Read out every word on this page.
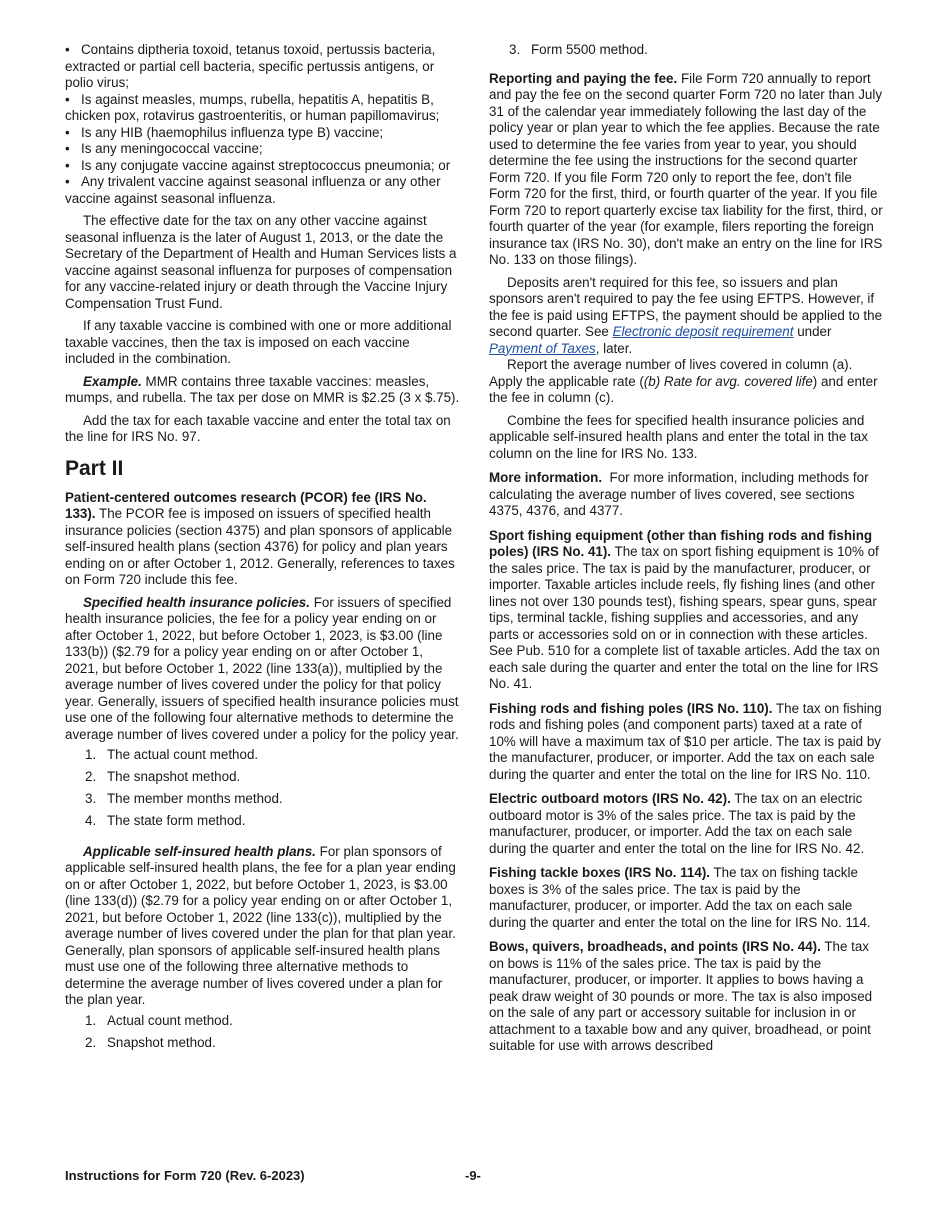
• Contains diptheria toxoid, tetanus toxoid, pertussis bacteria, extracted or partial cell bacteria, specific pertussis antigens, or polio virus;

• Is against measles, mumps, rubella, hepatitis A, hepatitis B, chicken pox, rotavirus gastroenteritis, or human papillomavirus;

• Is any HIB (haemophilus influenza type B) vaccine;

• Is any meningococcal vaccine;

• Is any conjugate vaccine against streptococcus pneumonia; or

• Any trivalent vaccine against seasonal influenza or any other vaccine against seasonal influenza.

The effective date for the tax on any other vaccine against seasonal influenza is the later of August 1, 2013, or the date the Secretary of the Department of Health and Human Services lists a vaccine against seasonal influenza for purposes of compensation for any vaccine-related injury or death through the Vaccine Injury Compensation Trust Fund.

If any taxable vaccine is combined with one or more additional taxable vaccines, then the tax is imposed on each vaccine included in the combination.

Example. MMR contains three taxable vaccines: measles, mumps, and rubella. The tax per dose on MMR is $2.25 (3 x $.75).

Add the tax for each taxable vaccine and enter the total tax on the line for IRS No. 97.

Part II

Patient-centered outcomes research (PCOR) fee (IRS No. 133). The PCOR fee is imposed on issuers of specified health insurance policies (section 4375) and plan sponsors of applicable self-insured health plans (section 4376) for policy and plan years ending on or after October 1, 2012. Generally, references to taxes on Form 720 include this fee.

Specified health insurance policies. For issuers of specified health insurance policies, the fee for a policy year ending on or after October 1, 2022, but before October 1, 2023, is $3.00 (line 133(b)) ($2.79 for a policy year ending on or after October 1, 2021, but before October 1, 2022 (line 133(a)), multiplied by the average number of lives covered under the policy for that policy year. Generally, issuers of specified health insurance policies must use one of the following four alternative methods to determine the average number of lives covered under a policy for the policy year.

1. The actual count method.
2. The snapshot method.
3. The member months method.
4. The state form method.

Applicable self-insured health plans. For plan sponsors of applicable self-insured health plans, the fee for a plan year ending on or after October 1, 2022, but before October 1, 2023, is $3.00 (line 133(d)) ($2.79 for a policy year ending on or after October 1, 2021, but before October 1, 2022 (line 133(c)), multiplied by the average number of lives covered under the plan for that plan year. Generally, plan sponsors of applicable self-insured health plans must use one of the following three alternative methods to determine the average number of lives covered under a plan for the plan year.

1. Actual count method.
2. Snapshot method.
3. Form 5500 method.

Reporting and paying the fee. File Form 720 annually to report and pay the fee on the second quarter Form 720 no later than July 31 of the calendar year immediately following the last day of the policy year or plan year to which the fee applies. Because the rate used to determine the fee varies from year to year, you should determine the fee using the instructions for the second quarter Form 720. If you file Form 720 only to report the fee, don't file Form 720 for the first, third, or fourth quarter of the year. If you file Form 720 to report quarterly excise tax liability for the first, third, or fourth quarter of the year (for example, filers reporting the foreign insurance tax (IRS No. 30), don't make an entry on the line for IRS No. 133 on those filings).

Deposits aren't required for this fee, so issuers and plan sponsors aren't required to pay the fee using EFTPS. However, if the fee is paid using EFTPS, the payment should be applied to the second quarter. See Electronic deposit requirement under Payment of Taxes, later.

Report the average number of lives covered in column (a). Apply the applicable rate ((b) Rate for avg. covered life) and enter the fee in column (c).

Combine the fees for specified health insurance policies and applicable self-insured health plans and enter the total in the tax column on the line for IRS No. 133.

More information. For more information, including methods for calculating the average number of lives covered, see sections 4375, 4376, and 4377.

Sport fishing equipment (other than fishing rods and fishing poles) (IRS No. 41). The tax on sport fishing equipment is 10% of the sales price. The tax is paid by the manufacturer, producer, or importer. Taxable articles include reels, fly fishing lines (and other lines not over 130 pounds test), fishing spears, spear guns, spear tips, terminal tackle, fishing supplies and accessories, and any parts or accessories sold on or in connection with these articles. See Pub. 510 for a complete list of taxable articles. Add the tax on each sale during the quarter and enter the total on the line for IRS No. 41.

Fishing rods and fishing poles (IRS No. 110). The tax on fishing rods and fishing poles (and component parts) taxed at a rate of 10% will have a maximum tax of $10 per article. The tax is paid by the manufacturer, producer, or importer. Add the tax on each sale during the quarter and enter the total on the line for IRS No. 110.

Electric outboard motors (IRS No. 42). The tax on an electric outboard motor is 3% of the sales price. The tax is paid by the manufacturer, producer, or importer. Add the tax on each sale during the quarter and enter the total on the line for IRS No. 42.

Fishing tackle boxes (IRS No. 114). The tax on fishing tackle boxes is 3% of the sales price. The tax is paid by the manufacturer, producer, or importer. Add the tax on each sale during the quarter and enter the total on the line for IRS No. 114.

Bows, quivers, broadheads, and points (IRS No. 44). The tax on bows is 11% of the sales price. The tax is paid by the manufacturer, producer, or importer. It applies to bows having a peak draw weight of 30 pounds or more. The tax is also imposed on the sale of any part or accessory suitable for inclusion in or attachment to a taxable bow and any quiver, broadhead, or point suitable for use with arrows described

Instructions for Form 720 (Rev. 6-2023)	-9-
